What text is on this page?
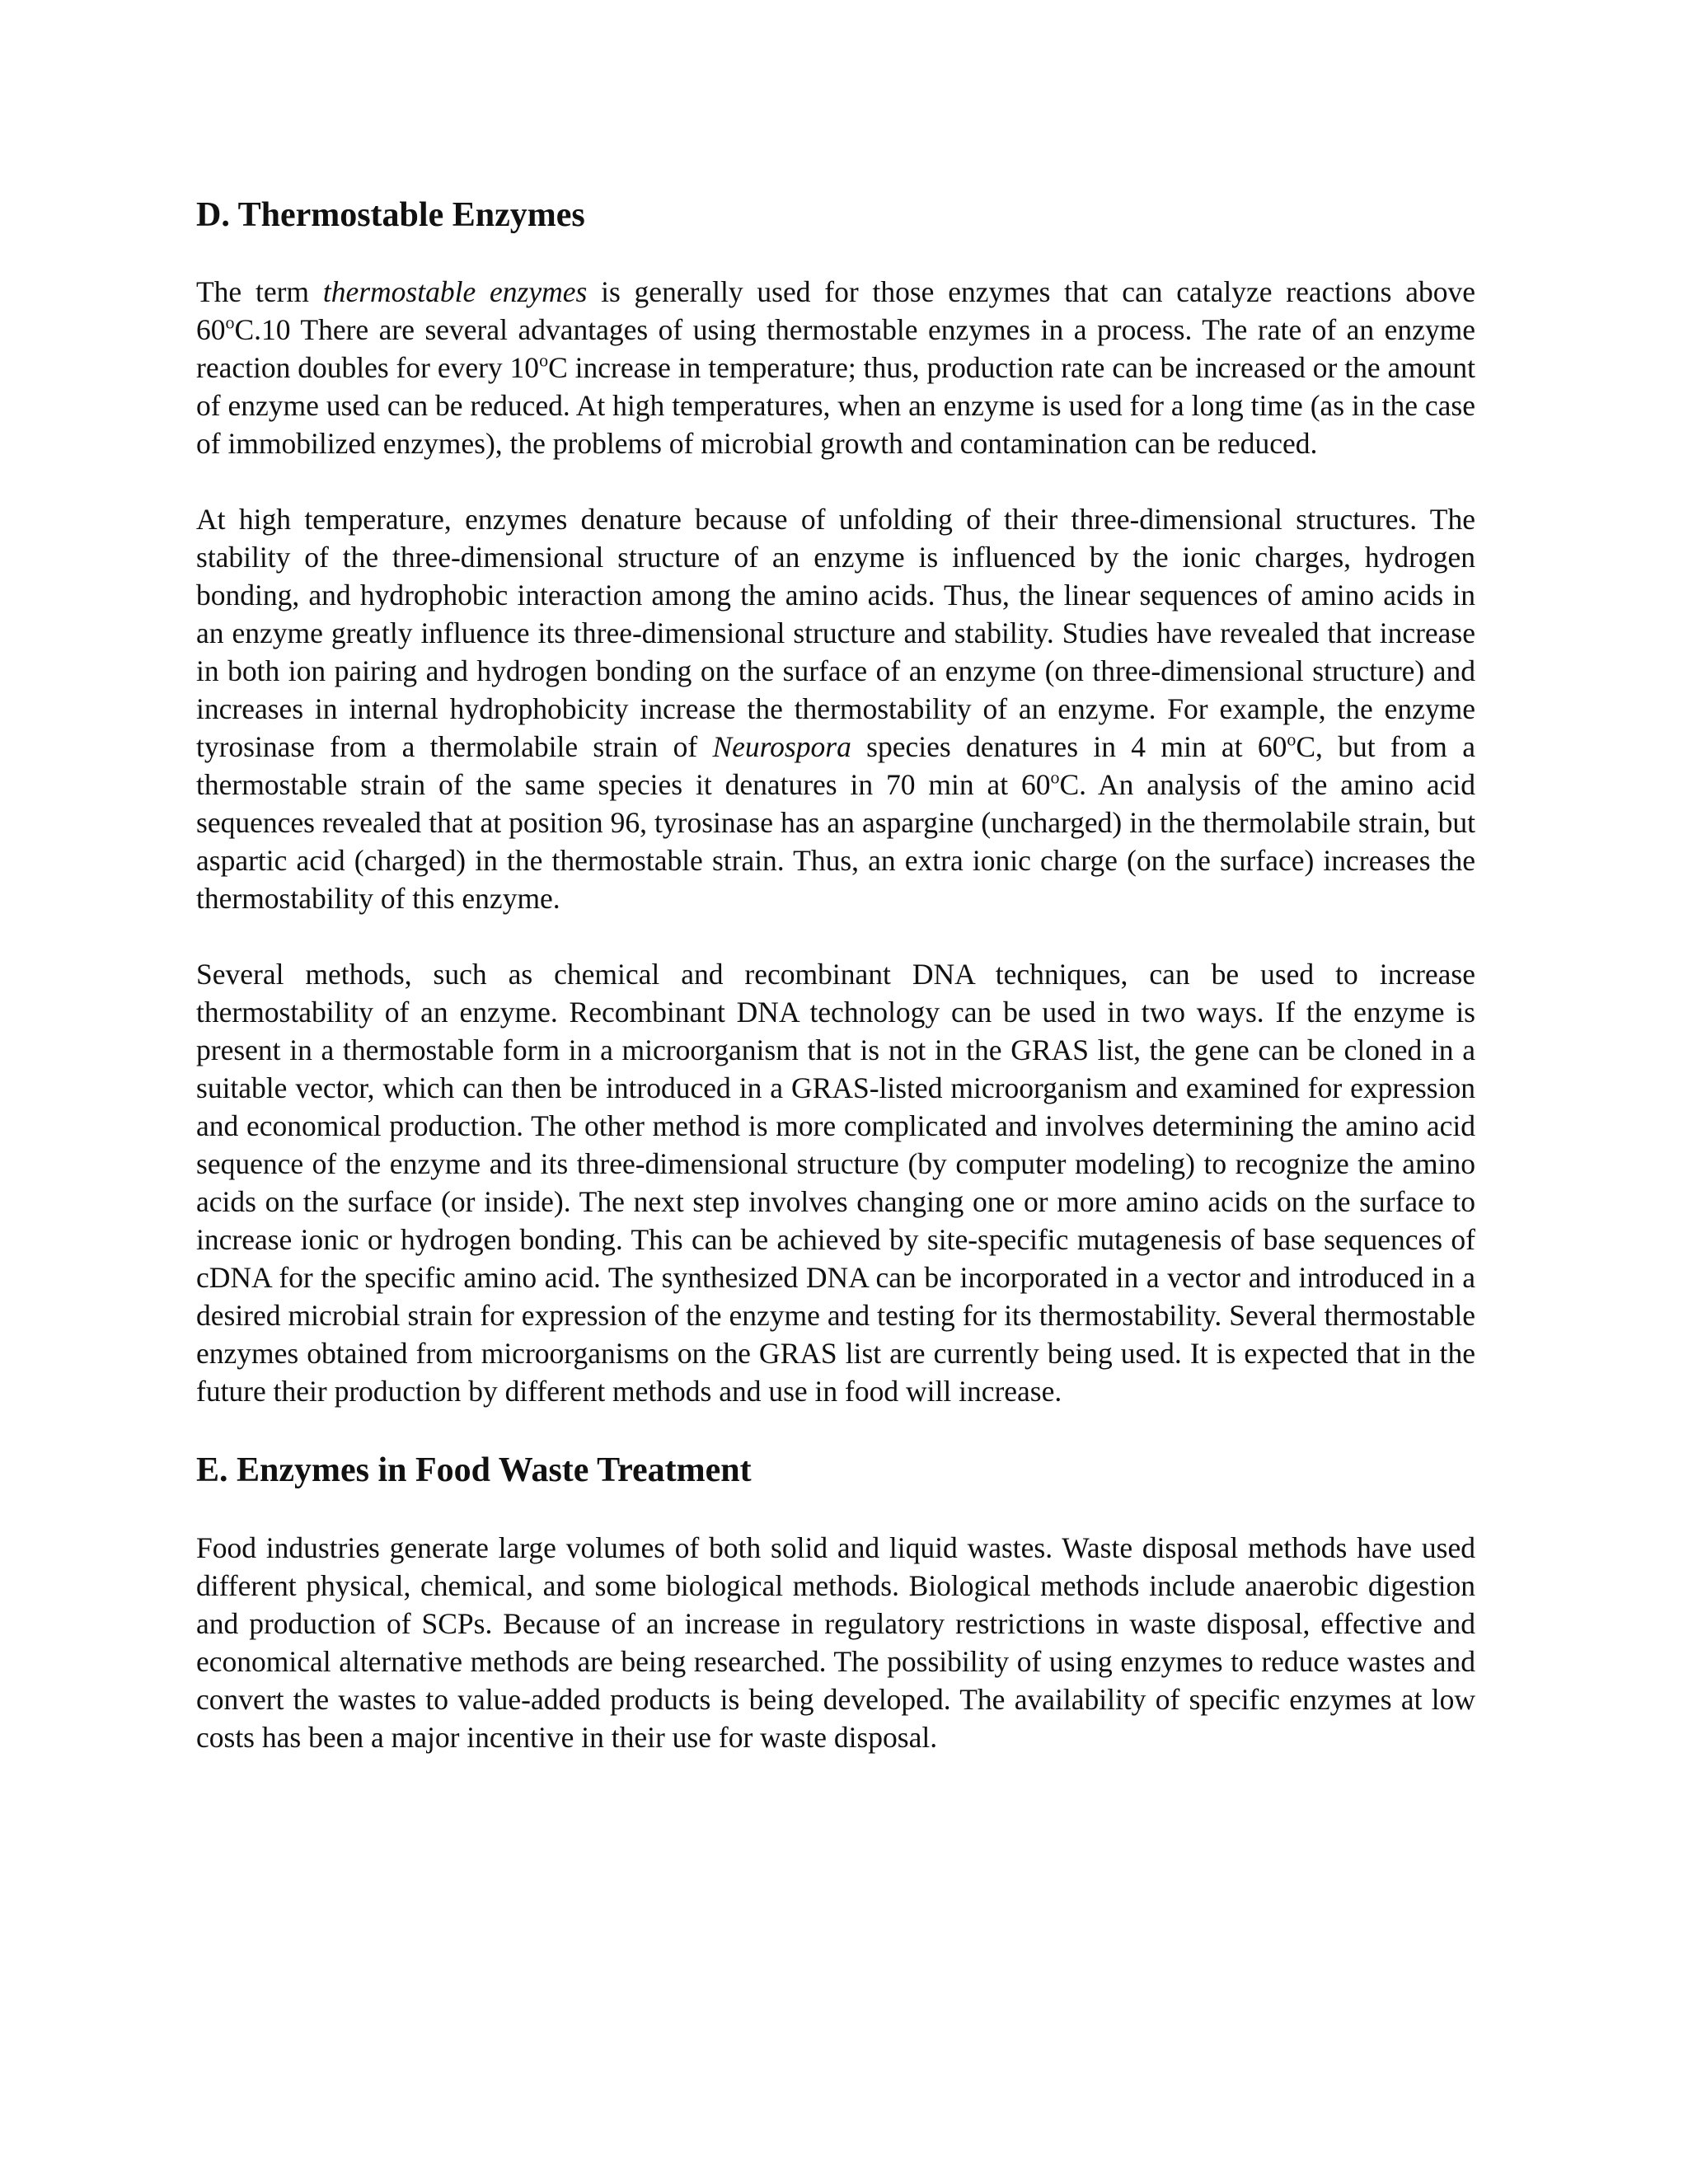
D. Thermostable Enzymes

The term thermostable enzymes is generally used for those enzymes that can catalyze reactions above 60$^o$C.10 There are several advantages of using thermostable enzymes in a process. The rate of an enzyme reaction doubles for every 10$^o$C increase in temperature; thus, production rate can be increased or the amount of enzyme used can be reduced. At high temperatures, when an enzyme is used for a long time (as in the case of immobilized enzymes), the problems of microbial growth and contamination can be reduced.

At high temperature, enzymes denature because of unfolding of their three-dimensional structures. The stability of the three-dimensional structure of an enzyme is influenced by the ionic charges, hydrogen bonding, and hydrophobic interaction among the amino acids. Thus, the linear sequences of amino acids in an enzyme greatly influence its three-dimensional structure and stability. Studies have revealed that increase in both ion pairing and hydrogen bonding on the surface of an enzyme (on three-dimensional structure) and increases in internal hydrophobicity increase the thermostability of an enzyme. For example, the enzyme tyrosinase from a thermolabile strain of Neurospora species denatures in 4 min at 60$^o$C, but from a thermostable strain of the same species it denatures in 70 min at 60$^o$C. An analysis of the amino acid sequences revealed that at position 96, tyrosinase has an aspargine (uncharged) in the thermolabile strain, but aspartic acid (charged) in the thermostable strain. Thus, an extra ionic charge (on the surface) increases the thermostability of this enzyme.

Several methods, such as chemical and recombinant DNA techniques, can be used to increase thermostability of an enzyme. Recombinant DNA technology can be used in two ways. If the enzyme is present in a thermostable form in a microorganism that is not in the GRAS list, the gene can be cloned in a suitable vector, which can then be introduced in a GRAS-listed microorganism and examined for expression and economical production. The other method is more complicated and involves determining the amino acid sequence of the enzyme and its three-dimensional structure (by computer modeling) to recognize the amino acids on the surface (or inside). The next step involves changing one or more amino acids on the surface to increase ionic or hydrogen bonding. This can be achieved by site-specific mutagenesis of base sequences of cDNA for the specific amino acid. The synthesized DNA can be incorporated in a vector and introduced in a desired microbial strain for expression of the enzyme and testing for its thermostability. Several thermostable enzymes obtained from microorganisms on the GRAS list are currently being used. It is expected that in the future their production by different methods and use in food will increase.

E. Enzymes in Food Waste Treatment

Food industries generate large volumes of both solid and liquid wastes. Waste disposal methods have used different physical, chemical, and some biological methods. Biological methods include anaerobic digestion and production of SCPs. Because of an increase in regulatory restrictions in waste disposal, effective and economical alternative methods are being researched. The possibility of using enzymes to reduce wastes and convert the wastes to value-added products is being developed. The availability of specific enzymes at low costs has been a major incentive in their use for waste disposal.
